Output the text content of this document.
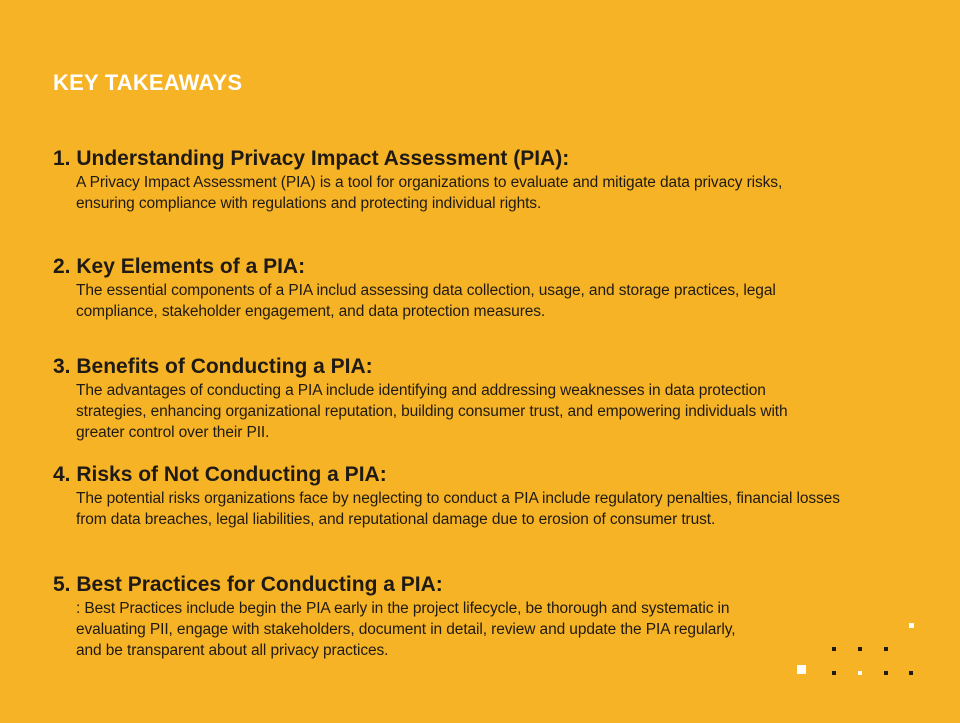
KEY TAKEAWAYS
1. Understanding Privacy Impact Assessment (PIA):

A Privacy Impact Assessment (PIA) is a tool for organizations to evaluate and mitigate data privacy risks, ensuring compliance with regulations and protecting individual rights.

2. Key Elements of a PIA:

The essential components of a PIA includ assessing data collection, usage, and storage practices, legal compliance, stakeholder engagement, and data protection measures.

3. Benefits of Conducting a PIA:

The advantages of conducting a PIA include identifying and addressing weaknesses in data protection strategies, enhancing organizational reputation, building consumer trust, and empowering individuals with greater control over their PII.

4. Risks of Not Conducting a PIA:

The potential risks organizations face by neglecting to conduct a PIA include regulatory penalties, financial losses from data breaches, legal liabilities, and reputational damage due to erosion of consumer trust.

5. Best Practices for Conducting a PIA:

: Best Practices include begin the PIA early in the project lifecycle, be thorough and systematic in evaluating PII, engage with stakeholders, document in detail, review and update the PIA regularly, and be transparent about all privacy practices.
